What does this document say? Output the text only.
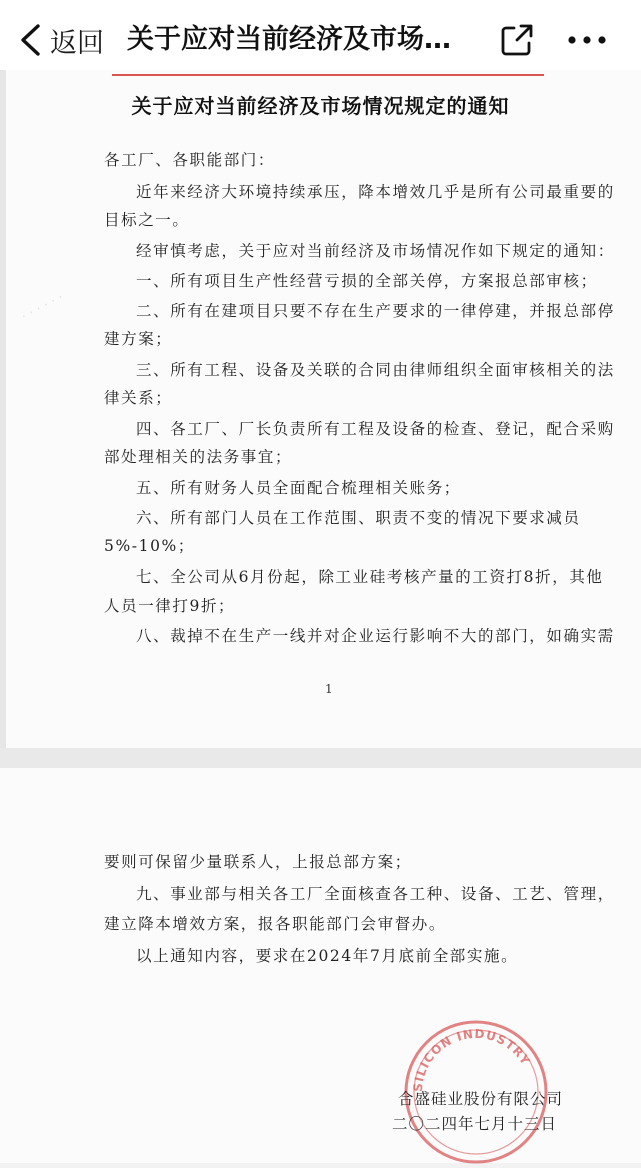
返回 关于应对当前经济及市场…
· · · · · ·
关于应对当前经济及市场情况规定的通知
各工厂、各职能部门：
近年来经济大环境持续承压，降本增效几乎是所有公司最重要的
目标之一。
经审慎考虑，关于应对当前经济及市场情况作如下规定的通知：
一、所有项目生产性经营亏损的全部关停，方案报总部审核；
二、所有在建项目只要不存在生产要求的一律停建，并报总部停
建方案；
三、所有工程、设备及关联的合同由律师组织全面审核相关的法
律关系；
四、各工厂、厂长负责所有工程及设备的检查、登记，配合采购
部处理相关的法务事宜；
五、所有财务人员全面配合梳理相关账务；
六、所有部门人员在工作范围、职责不变的情况下要求减员
5%-10%；
七、全公司从6月份起，除工业硅考核产量的工资打8折，其他
人员一律打9折；
八、裁掉不在生产一线并对企业运行影响不大的部门，如确实需
1
要则可保留少量联系人，上报总部方案；
九、事业部与相关各工厂全面核查各工种、设备、工艺、管理，
建立降本增效方案，报各职能部门会审督办。
以上通知内容，要求在2024年7月底前全部实施。
SILICON INDUSTRY
合盛硅业股份有限公司
二〇二四年七月十三日
